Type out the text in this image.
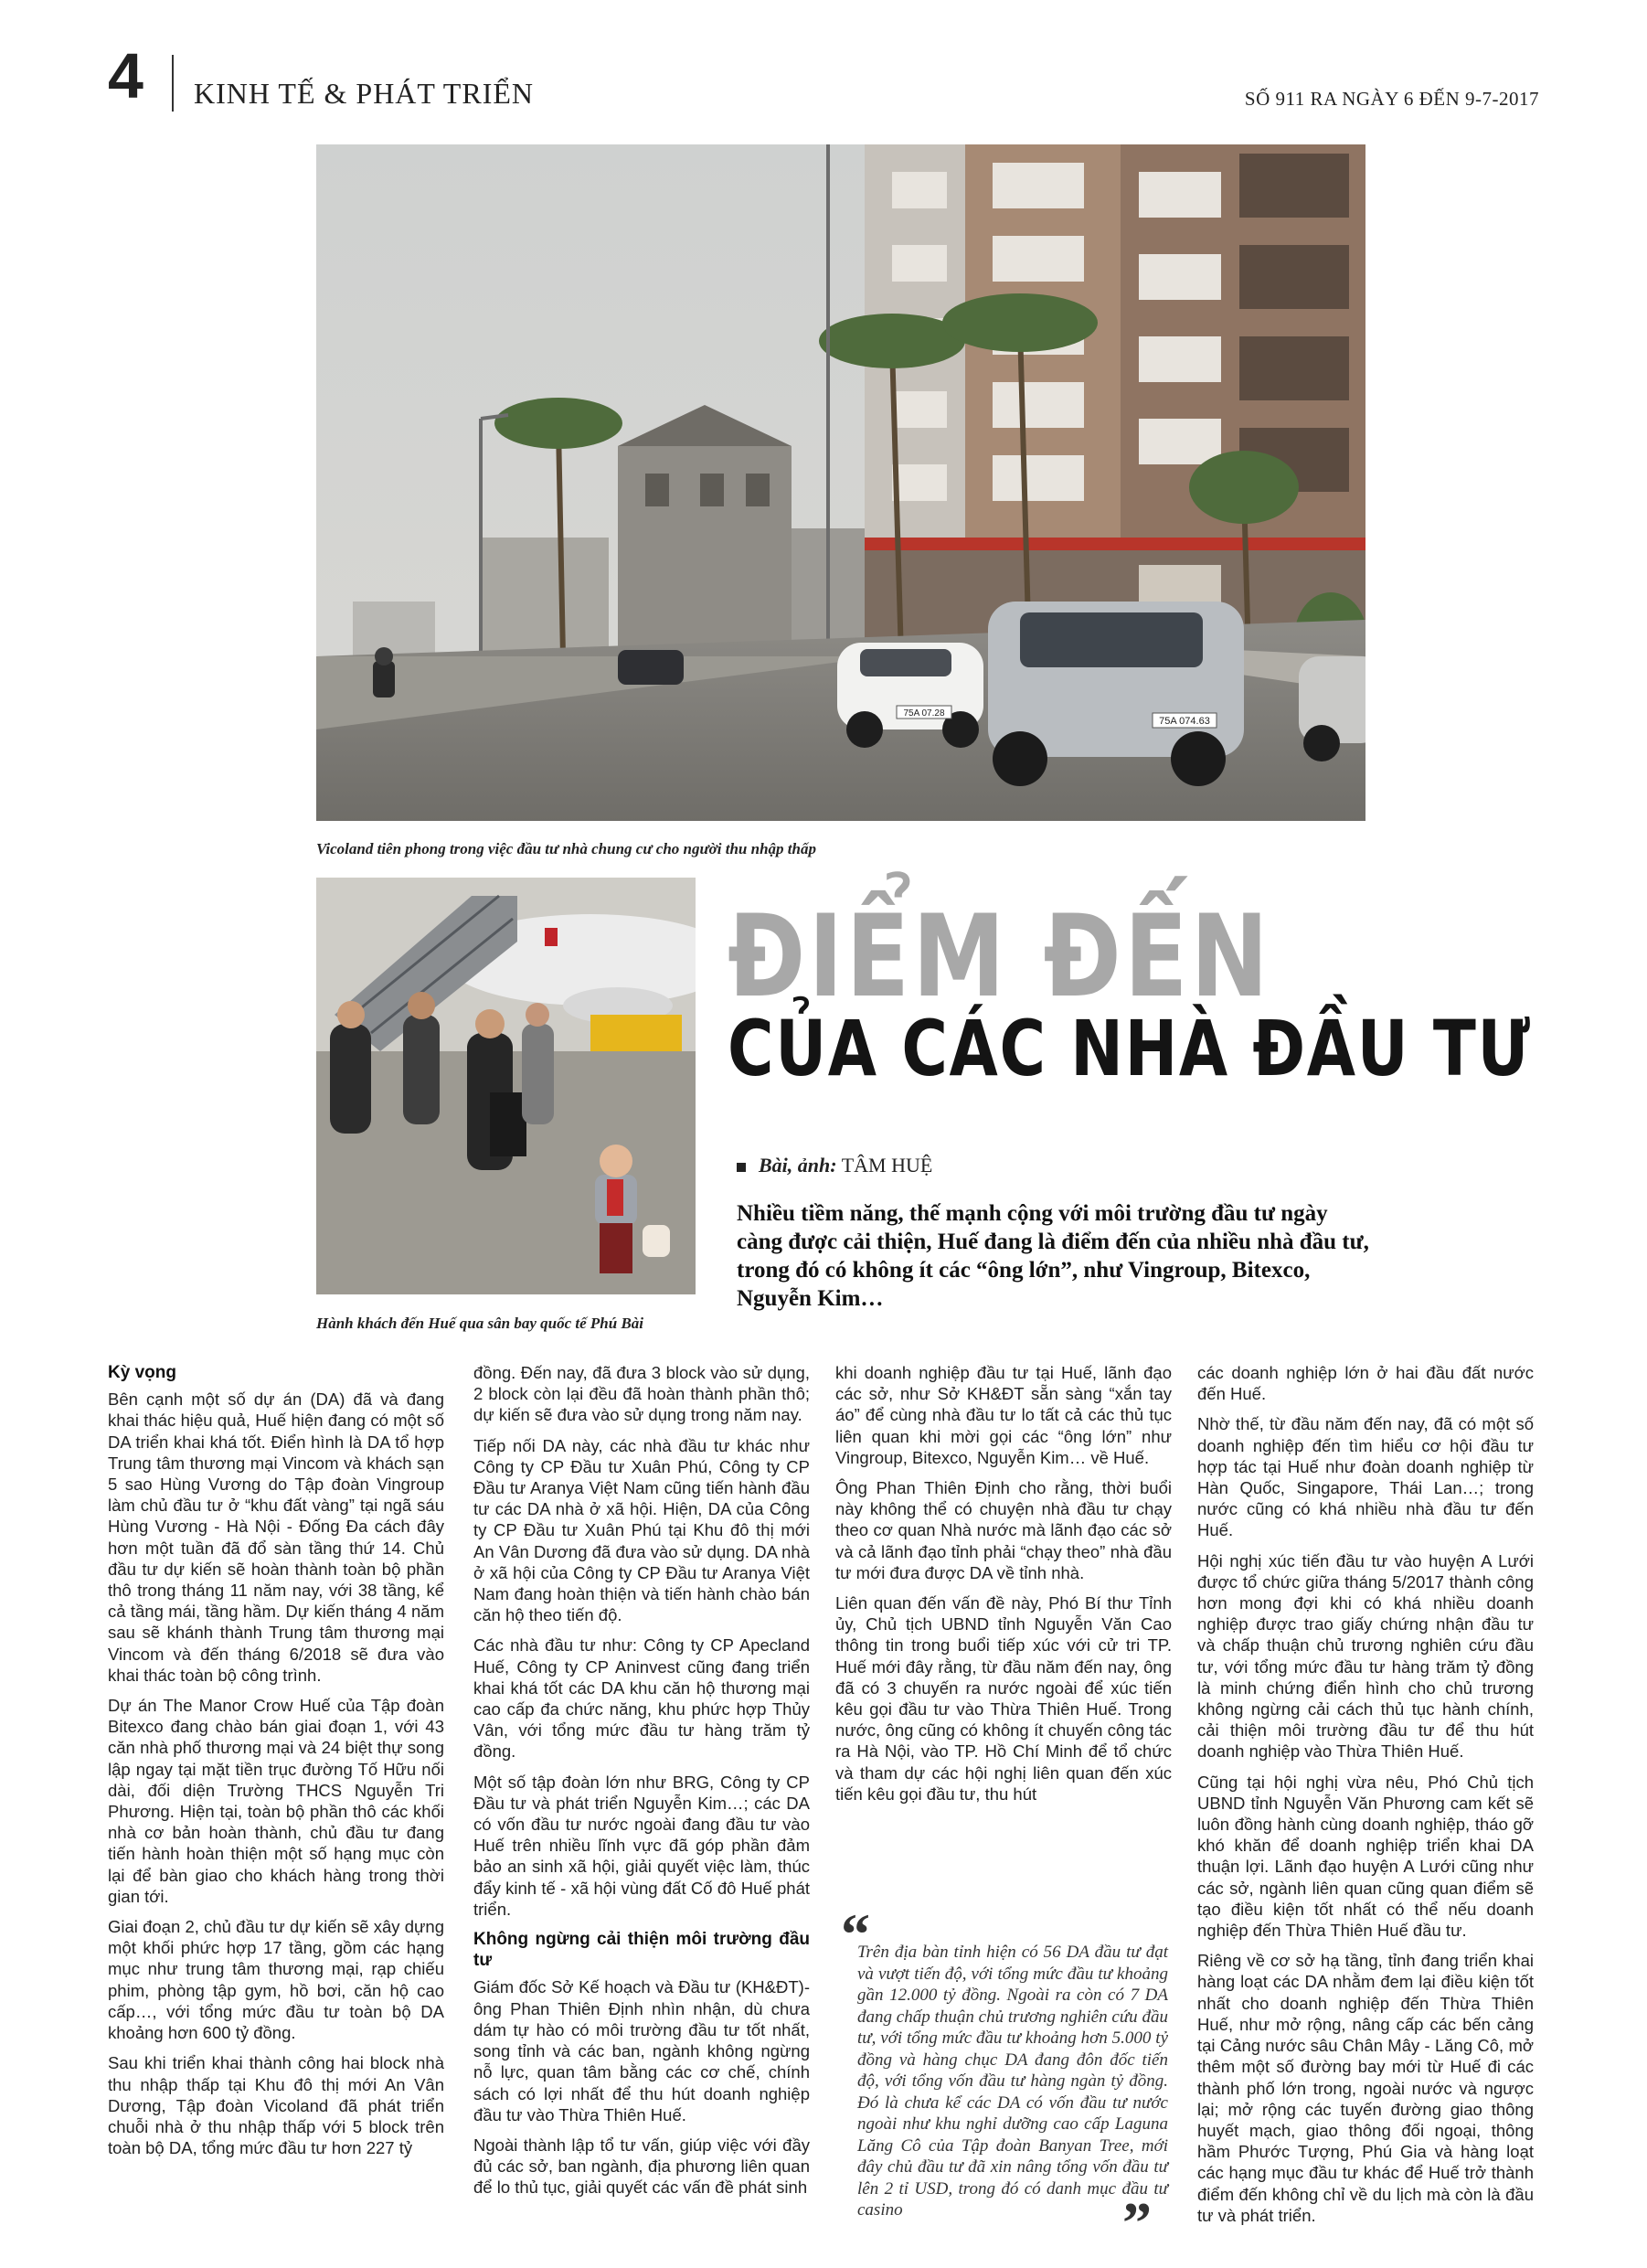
4 KINH TẾ & PHÁT TRIỂN	SỐ 911 RA NGÀY 6 ĐẾN 9-7-2017
75A 07.28
75A 074.63
Vicoland tiên phong trong việc đầu tư nhà chung cư cho người thu nhập thấp
Hành khách đến Huế qua sân bay quốc tế Phú Bài
ĐIỂM ĐẾN
CỦA CÁC NHÀ ĐẦU TƯ
Bài, ảnh: TÂM HUỆ
Nhiều tiềm năng, thế mạnh cộng với môi trường đầu tư ngày càng được cải thiện, Huế đang là điểm đến của nhiều nhà đầu tư, trong đó có không ít các “ông lớn”, như Vingroup, Bitexco, Nguyễn Kim…
Kỳ vọng

Bên cạnh một số dự án (DA) đã và đang khai thác hiệu quả, Huế hiện đang có một số DA triển khai khá tốt. Điển hình là DA tổ hợp Trung tâm thương mại Vincom và khách sạn 5 sao Hùng Vương do Tập đoàn Vingroup làm chủ đầu tư ở “khu đất vàng” tại ngã sáu Hùng Vương - Hà Nội - Đống Đa cách đây hơn một tuần đã đổ sàn tầng thứ 14. Chủ đầu tư dự kiến sẽ hoàn thành toàn bộ phần thô trong tháng 11 năm nay, với 38 tầng, kể cả tầng mái, tầng hầm. Dự kiến tháng 4 năm sau sẽ khánh thành Trung tâm thương mại Vincom và đến tháng 6/2018 sẽ đưa vào khai thác toàn bộ công trình.

Dự án The Manor Crow Huế của Tập đoàn Bitexco đang chào bán giai đoạn 1, với 43 căn nhà phố thương mại và 24 biệt thự song lập ngay tại mặt tiền trục đường Tố Hữu nối dài, đối diện Trường THCS Nguyễn Tri Phương. Hiện tại, toàn bộ phần thô các khối nhà cơ bản hoàn thành, chủ đầu tư đang tiến hành hoàn thiện một số hạng mục còn lại để bàn giao cho khách hàng trong thời gian tới.

Giai đoạn 2, chủ đầu tư dự kiến sẽ xây dựng một khối phức hợp 17 tầng, gồm các hạng mục như trung tâm thương mại, rạp chiếu phim, phòng tập gym, hồ bơi, căn hộ cao cấp…, với tổng mức đầu tư toàn bộ DA khoảng hơn 600 tỷ đồng.

Sau khi triển khai thành công hai block nhà thu nhập thấp tại Khu đô thị mới An Vân Dương, Tập đoàn Vicoland đã phát triển chuỗi nhà ở thu nhập thấp với 5 block trên toàn bộ DA, tổng mức đầu tư hơn 227 tỷ

đồng. Đến nay, đã đưa 3 block vào sử dụng, 2 block còn lại đều đã hoàn thành phần thô; dự kiến sẽ đưa vào sử dụng trong năm nay.

Tiếp nối DA này, các nhà đầu tư khác như Công ty CP Đầu tư Xuân Phú, Công ty CP Đầu tư Aranya Việt Nam cũng tiến hành đầu tư các DA nhà ở xã hội. Hiện, DA của Công ty CP Đầu tư Xuân Phú tại Khu đô thị mới An Vân Dương đã đưa vào sử dụng. DA nhà ở xã hội của Công ty CP Đầu tư Aranya Việt Nam đang hoàn thiện và tiến hành chào bán căn hộ theo tiến độ.

Các nhà đầu tư như: Công ty CP Apecland Huế, Công ty CP Aninvest cũng đang triển khai khá tốt các DA khu căn hộ thương mại cao cấp đa chức năng, khu phức hợp Thủy Vân, với tổng mức đầu tư hàng trăm tỷ đồng.

Một số tập đoàn lớn như BRG, Công ty CP Đầu tư và phát triển Nguyễn Kim…; các DA có vốn đầu tư nước ngoài đang đầu tư vào Huế trên nhiều lĩnh vực đã góp phần đảm bảo an sinh xã hội, giải quyết việc làm, thúc đẩy kinh tế - xã hội vùng đất Cố đô Huế phát triển.

Không ngừng cải thiện môi trường đầu tư

Giám đốc Sở Kế hoạch và Đầu tư (KH&ĐT)- ông Phan Thiên Định nhìn nhận, dù chưa dám tự hào có môi trường đầu tư tốt nhất, song tỉnh và các ban, ngành không ngừng nỗ lực, quan tâm bằng các cơ chế, chính sách có lợi nhất để thu hút doanh nghiệp đầu tư vào Thừa Thiên Huế.

Ngoài thành lập tổ tư vấn, giúp việc với đầy đủ các sở, ban ngành, địa phương liên quan để lo thủ tục, giải quyết các vấn đề phát sinh

khi doanh nghiệp đầu tư tại Huế, lãnh đạo các sở, như Sở KH&ĐT sẵn sàng “xắn tay áo” để cùng nhà đầu tư lo tất cả các thủ tục liên quan khi mời gọi các “ông lớn” như Vingroup, Bitexco, Nguyễn Kim… về Huế.

Ông Phan Thiên Định cho rằng, thời buổi này không thể có chuyện nhà đầu tư chạy theo cơ quan Nhà nước mà lãnh đạo các sở và cả lãnh đạo tỉnh phải “chạy theo” nhà đầu tư mới đưa được DA về tỉnh nhà.

Liên quan đến vấn đề này, Phó Bí thư Tỉnh ủy, Chủ tịch UBND tỉnh Nguyễn Văn Cao thông tin trong buổi tiếp xúc với cử tri TP. Huế mới đây rằng, từ đầu năm đến nay, ông đã có 3 chuyến ra nước ngoài để xúc tiến kêu gọi đầu tư vào Thừa Thiên Huế. Trong nước, ông cũng có không ít chuyến công tác ra Hà Nội, vào TP. Hồ Chí Minh để tổ chức và tham dự các hội nghị liên quan đến xúc tiến kêu gọi đầu tư, thu hút

“
Trên địa bàn tỉnh hiện có 56 DA đầu tư đạt và vượt tiến độ, với tổng mức đầu tư khoảng gần 12.000 tỷ đồng. Ngoài ra còn có 7 DA đang chấp thuận chủ trương nghiên cứu đầu tư, với tổng mức đầu tư khoảng hơn 5.000 tỷ đồng và hàng chục DA đang đôn đốc tiến độ, với tổng vốn đầu tư hàng ngàn tỷ đồng. Đó là chưa kể các DA có vốn đầu tư nước ngoài như khu nghỉ dưỡng cao cấp Laguna Lăng Cô của Tập đoàn Banyan Tree, mới đây chủ đầu tư đã xin nâng tổng vốn đầu tư lên 2 tỉ USD, trong đó có danh mục đầu tư casino	”

các doanh nghiệp lớn ở hai đầu đất nước đến Huế.

Nhờ thế, từ đầu năm đến nay, đã có một số doanh nghiệp đến tìm hiểu cơ hội đầu tư hợp tác tại Huế như đoàn doanh nghiệp từ Hàn Quốc, Singapore, Thái Lan…; trong nước cũng có khá nhiều nhà đầu tư đến Huế.

Hội nghị xúc tiến đầu tư vào huyện A Lưới được tổ chức giữa tháng 5/2017 thành công hơn mong đợi khi có khá nhiều doanh nghiệp được trao giấy chứng nhận đầu tư và chấp thuận chủ trương nghiên cứu đầu tư, với tổng mức đầu tư hàng trăm tỷ đồng là minh chứng điển hình cho chủ trương không ngừng cải cách thủ tục hành chính, cải thiện môi trường đầu tư để thu hút doanh nghiệp vào Thừa Thiên Huế.

Cũng tại hội nghị vừa nêu, Phó Chủ tịch UBND tỉnh Nguyễn Văn Phương cam kết sẽ luôn đồng hành cùng doanh nghiệp, tháo gỡ khó khăn để doanh nghiệp triển khai DA thuận lợi. Lãnh đạo huyện A Lưới cũng như các sở, ngành liên quan cũng quan điểm sẽ tạo điều kiện tốt nhất có thể nếu doanh nghiệp đến Thừa Thiên Huế đầu tư.

Riêng về cơ sở hạ tầng, tỉnh đang triển khai hàng loạt các DA nhằm đem lại điều kiện tốt nhất cho doanh nghiệp đến Thừa Thiên Huế, như mở rộng, nâng cấp các bến cảng tại Cảng nước sâu Chân Mây - Lăng Cô, mở thêm một số đường bay mới từ Huế đi các thành phố lớn trong, ngoài nước và ngược lại; mở rộng các tuyến đường giao thông huyết mạch, giao thông đối ngoại, thông hầm Phước Tượng, Phú Gia và hàng loạt các hạng mục đầu tư khác để Huế trở thành điểm đến không chỉ về du lịch mà còn là đầu tư và phát triển.
